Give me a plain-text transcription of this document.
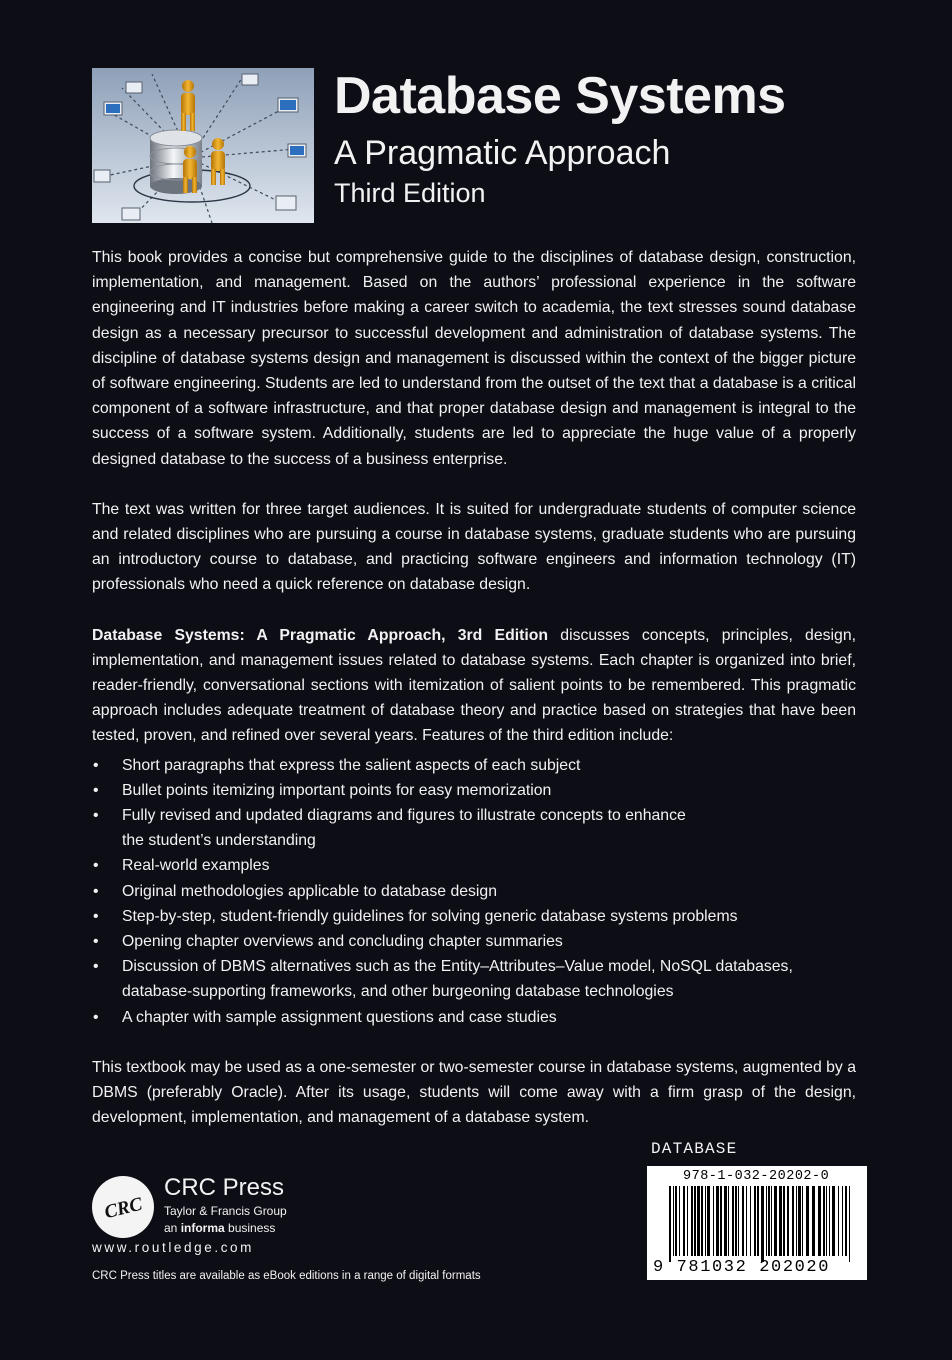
Database Systems
A Pragmatic Approach
Third Edition

This book provides a concise but comprehensive guide to the disciplines of database design, construction, implementation, and management. Based on the authors’ professional experience in the software engineering and IT industries before making a career switch to academia, the text stresses sound database design as a necessary precursor to successful development and administration of database systems. The discipline of database systems design and management is discussed within the context of the bigger picture of software engineering. Students are led to understand from the outset of the text that a database is a critical component of a software infrastructure, and that proper database design and management is integral to the success of a software system. Additionally, students are led to appreciate the huge value of a properly designed database to the success of a business enterprise.

The text was written for three target audiences. It is suited for undergraduate students of computer science and related disciplines who are pursuing a course in database systems, graduate students who are pursuing an introductory course to database, and practicing software engineers and information technology (IT) professionals who need a quick reference on database design.

Database Systems: A Pragmatic Approach, 3rd Edition discusses concepts, principles, design, implementation, and management issues related to database systems. Each chapter is organized into brief, reader-friendly, conversational sections with itemization of salient points to be remembered. This pragmatic approach includes adequate treatment of database theory and practice based on strategies that have been tested, proven, and refined over several years. Features of the third edition include:

• Short paragraphs that express the salient aspects of each subject
• Bullet points itemizing important points for easy memorization
• Fully revised and updated diagrams and figures to illustrate concepts to enhance the student’s understanding
• Real-world examples
• Original methodologies applicable to database design
• Step-by-step, student-friendly guidelines for solving generic database systems problems
• Opening chapter overviews and concluding chapter summaries
• Discussion of DBMS alternatives such as the Entity–Attributes–Value model, NoSQL databases, database-supporting frameworks, and other burgeoning database technologies
• A chapter with sample assignment questions and case studies

This textbook may be used as a one-semester or two-semester course in database systems, augmented by a DBMS (preferably Oracle). After its usage, students will come away with a firm grasp of the design, development, implementation, and management of a database system.

CRC
CRC Press
Taylor & Francis Group
an informa business
www.routledge.com
CRC Press titles are available as eBook editions in a range of digital formats
DATABASE
978-1-032-20202-0
9 781032 202020
